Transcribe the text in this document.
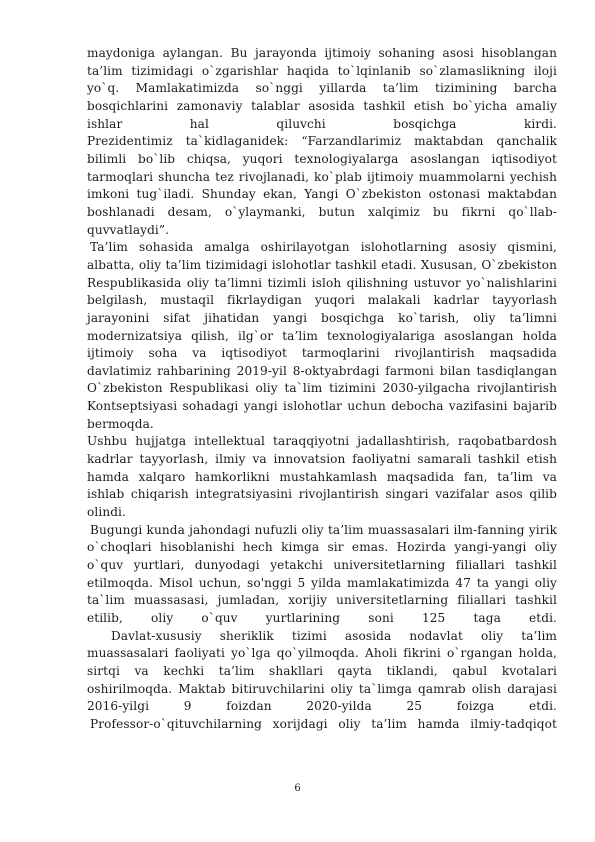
maydoniga aylangan. Bu jarayonda ijtimoiy sohaning asosi hisoblangan ta’lim tizimidagi o`zgarishlar haqida to`lqinlanib so`zlamaslikning iloji yo`q. Mamlakatimizda so`nggi yillarda ta’lim tizimining barcha bosqichlarini zamonaviy talablar asosida tashkil etish bo`yicha amaliy ishlar hal qiluvchi bosqichga kirdi.

Prezidentimiz ta`kidlaganidek: “Farzandlarimiz maktabdan qanchalik bilimli bo`lib chiqsa, yuqori texnologiyalarga asoslangan iqtisodiyot tarmoqlari shuncha tez rivojlanadi, ko`plab ijtimoiy muammolarni yechish imkoni tug`iladi. Shunday ekan, Yangi O`zbekiston ostonasi maktabdan boshlanadi desam, o`ylaymanki, butun xalqimiz bu fikrni qo`llab-quvvatlaydi”.

Ta’lim sohasida amalga oshirilayotgan islohotlarning asosiy qismini, albatta, oliy ta’lim tizimidagi islohotlar tashkil etadi. Xususan, O`zbekiston Respublikasida oliy ta’limni tizimli isloh qilishning ustuvor yo`nalishlarini belgilash, mustaqil fikrlaydigan yuqori malakali kadrlar tayyorlash jarayonini sifat jihatidan yangi bosqichga ko`tarish, oliy ta’limni modernizatsiya qilish, ilg`or ta’lim texnologiyalariga asoslangan holda ijtimoiy soha va iqtisodiyot tarmoqlarini rivojlantirish maqsadida davlatimiz rahbarining 2019-yil 8-oktyabrdagi farmoni bilan tasdiqlangan O`zbekiston Respublikasi oliy ta`lim tizimini 2030-yilgacha rivojlantirish Kontseptsiyasi sohadagi yangi islohotlar uchun debocha vazifasini bajarib bermoqda.

Ushbu hujjatga intellektual taraqqiyotni jadallashtirish, raqobatbardosh kadrlar tayyorlash, ilmiy va innovatsion faoliyatni samarali tashkil etish hamda xalqaro hamkorlikni mustahkamlash maqsadida fan, ta’lim va ishlab chiqarish integratsiyasini rivojlantirish singari vazifalar asos qilib olindi.

Bugungi kunda jahondagi nufuzli oliy ta’lim muassasalari ilm-fanning yirik o`choqlari hisoblanishi hech kimga sir emas. Hozirda yangi-yangi oliy o`quv yurtlari, dunyodagi yetakchi universitetlarning filiallari tashkil etilmoqda. Misol uchun, so'nggi 5 yilda mamlakatimizda 47 ta yangi oliy ta`lim muassasasi, jumladan, xorijiy universitetlarning filiallari tashkil etilib, oliy o`quv yurtlarining soni 125 taga etdi.

Davlat-xususiy sheriklik tizimi asosida nodavlat oliy ta’lim muassasalari faoliyati yo`lga qo`yilmoqda. Aholi fikrini o`rgangan holda, sirtqi va kechki ta’lim shakllari qayta tiklandi, qabul kvotalari oshirilmoqda. Maktab bitiruvchilarini oliy ta`limga qamrab olish darajasi 2016-yilgi 9 foizdan 2020-yilda 25 foizga etdi.

Professor-o`qituvchilarning xorijdagi oliy ta’lim hamda ilmiy-tadqiqot

6
